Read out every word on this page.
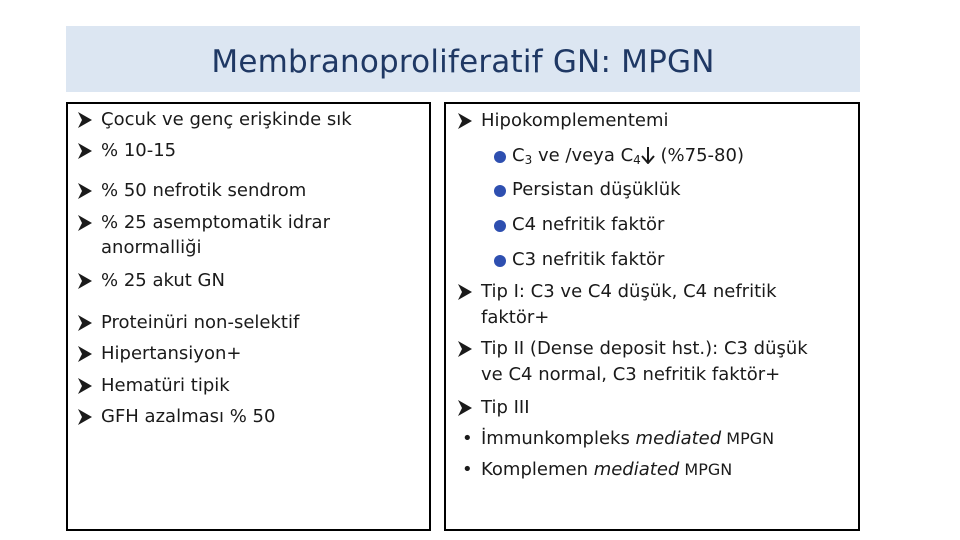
Membranoproliferatif GN: MPGN
Çocuk ve genç erişkinde sık
% 10-15
% 50 nefrotik sendrom
% 25 asemptomatik idrar
anormalliği
% 25 akut GN
Proteinüri non-selektif
Hipertansiyon+
Hematüri tipik
GFH azalması % 50
Hipokomplementemi
$C_3$ ve /veya $C_4$ (%75-80)
Persistan düşüklük
C4 nefritik faktör
C3 nefritik faktör
Tip I: C3 ve C4 düşük, C4 nefritik
faktör+
Tip II (Dense deposit hst.): C3 düşük
ve C4 normal, C3 nefritik faktör+
Tip III
• İmmunkompleks mediated MPGN
• Komplemen mediated MPGN
